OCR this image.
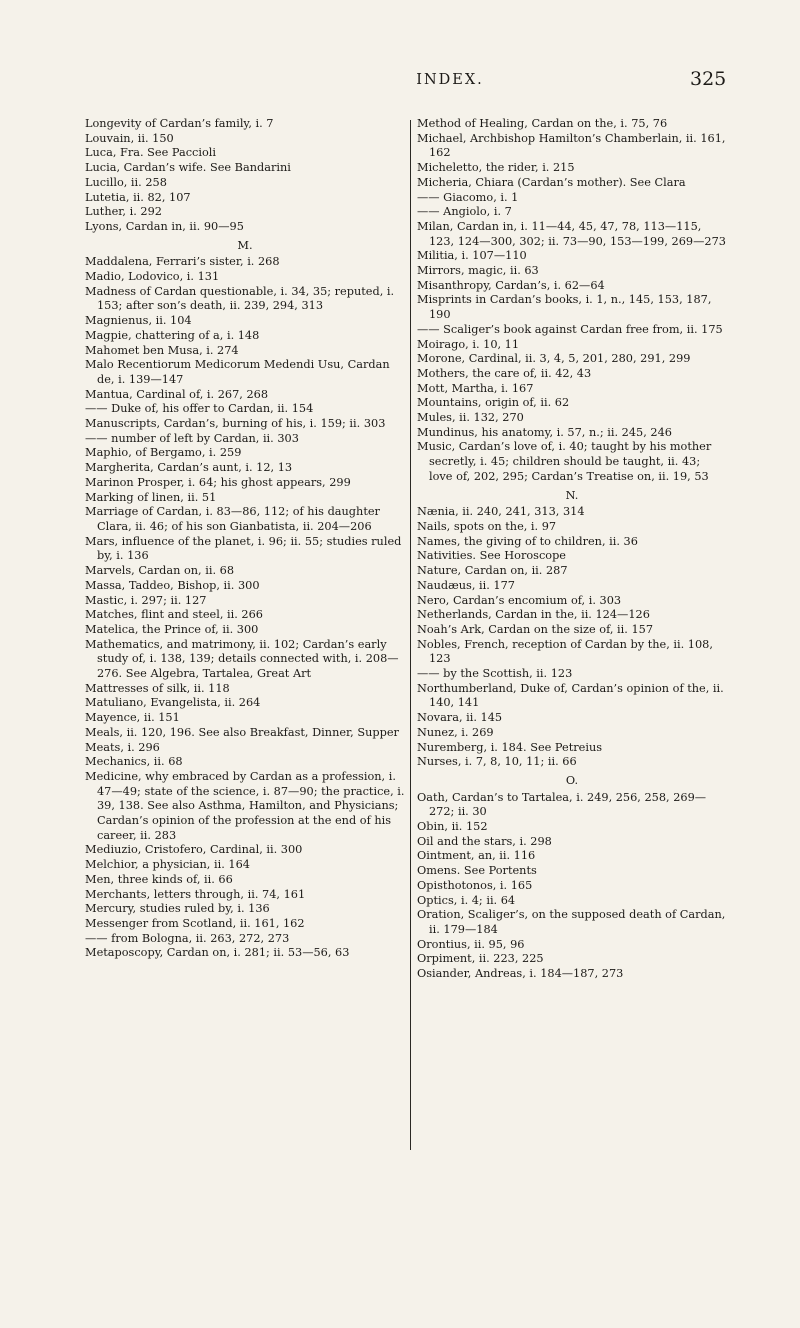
INDEX.	325

Longevity of Cardan’s family, i. 7

Louvain, ii. 150

Luca, Fra. See Paccioli

Lucia, Cardan’s wife. See Bandarini

Lucillo, ii. 258

Lutetia, ii. 82, 107

Luther, i. 292

Lyons, Cardan in, ii. 90—95

M.

Maddalena, Ferrari’s sister, i. 268

Madio, Lodovico, i. 131

Madness of Cardan questionable, i. 34, 35; reputed, i. 153; after son’s death, ii. 239, 294, 313

Magnienus, ii. 104

Magpie, chattering of a, i. 148

Mahomet ben Musa, i. 274

Malo Recentiorum Medicorum Medendi Usu, Cardan de, i. 139—147

Mantua, Cardinal of, i. 267, 268

—— Duke of, his offer to Cardan, ii. 154

Manuscripts, Cardan’s, burning of his, i. 159; ii. 303

—— number of left by Cardan, ii. 303

Maphio, of Bergamo, i. 259

Margherita, Cardan’s aunt, i. 12, 13

Marinon Prosper, i. 64; his ghost appears, 299

Marking of linen, ii. 51

Marriage of Cardan, i. 83—86, 112; of his daughter Clara, ii. 46; of his son Gianbatista, ii. 204—206

Mars, influence of the planet, i. 96; ii. 55; studies ruled by, i. 136

Marvels, Cardan on, ii. 68

Massa, Taddeo, Bishop, ii. 300

Mastic, i. 297; ii. 127

Matches, flint and steel, ii. 266

Matelica, the Prince of, ii. 300

Mathematics, and matrimony, ii. 102; Cardan’s early study of, i. 138, 139; details connected with, i. 208—276. See Algebra, Tartalea, Great Art

Mattresses of silk, ii. 118

Matuliano, Evangelista, ii. 264

Mayence, ii. 151

Meals, ii. 120, 196. See also Breakfast, Dinner, Supper

Meats, i. 296

Mechanics, ii. 68

Medicine, why embraced by Cardan as a profession, i. 47—49; state of the science, i. 87—90; the practice, i. 39, 138. See also Asthma, Hamilton, and Physicians; Cardan’s opinion of the profession at the end of his career, ii. 283

Mediuzio, Cristofero, Cardinal, ii. 300

Melchior, a physician, ii. 164

Men, three kinds of, ii. 66

Merchants, letters through, ii. 74, 161

Mercury, studies ruled by, i. 136

Messenger from Scotland, ii. 161, 162

—— from Bologna, ii. 263, 272, 273

Metaposcopy, Cardan on, i. 281; ii. 53—56, 63

Method of Healing, Cardan on the, i. 75, 76

Michael, Archbishop Hamilton’s Chamberlain, ii. 161, 162

Micheletto, the rider, i. 215

Micheria, Chiara (Cardan’s mother). See Clara

—— Giacomo, i. 1

—— Angiolo, i. 7

Milan, Cardan in, i. 11—44, 45, 47, 78, 113—115, 123, 124—300, 302; ii. 73—90, 153—199, 269—273

Militia, i. 107—110

Mirrors, magic, ii. 63

Misanthropy, Cardan’s, i. 62—64

Misprints in Cardan’s books, i. 1, n., 145, 153, 187, 190

—— Scaliger’s book against Cardan free from, ii. 175

Moirago, i. 10, 11

Morone, Cardinal, ii. 3, 4, 5, 201, 280, 291, 299

Mothers, the care of, ii. 42, 43

Mott, Martha, i. 167

Mountains, origin of, ii. 62

Mules, ii. 132, 270

Mundinus, his anatomy, i. 57, n.; ii. 245, 246

Music, Cardan’s love of, i. 40; taught by his mother secretly, i. 45; children should be taught, ii. 43; love of, 202, 295; Cardan’s Treatise on, ii. 19, 53

N.

Nænia, ii. 240, 241, 313, 314

Nails, spots on the, i. 97

Names, the giving of to children, ii. 36

Nativities. See Horoscope

Nature, Cardan on, ii. 287

Naudæus, ii. 177

Nero, Cardan’s encomium of, i. 303

Netherlands, Cardan in the, ii. 124—126

Noah’s Ark, Cardan on the size of, ii. 157

Nobles, French, reception of Cardan by the, ii. 108, 123

—— by the Scottish, ii. 123

Northumberland, Duke of, Cardan’s opinion of the, ii. 140, 141

Novara, ii. 145

Nunez, i. 269

Nuremberg, i. 184. See Petreius

Nurses, i. 7, 8, 10, 11; ii. 66

O.

Oath, Cardan’s to Tartalea, i. 249, 256, 258, 269—272; ii. 30

Obin, ii. 152

Oil and the stars, i. 298

Ointment, an, ii. 116

Omens. See Portents

Opisthotonos, i. 165

Optics, i. 4; ii. 64

Oration, Scaliger’s, on the supposed death of Cardan, ii. 179—184

Orontius, ii. 95, 96

Orpiment, ii. 223, 225

Osiander, Andreas, i. 184—187, 273
